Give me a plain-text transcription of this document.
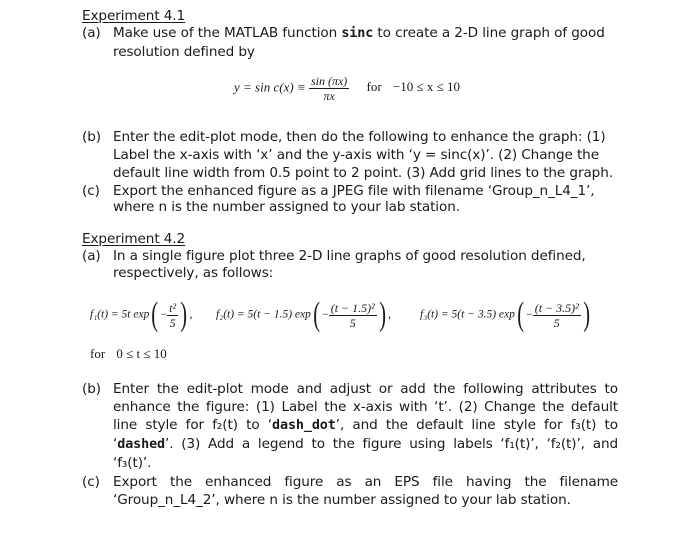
Experiment 4.1
(a) Make use of the MATLAB function sinc to create a 2-D line graph of good
resolution defined by
$y = \sin c(x) \equiv \frac{\sin (\pi x)}{\pi x}$ for −10 ≤ x ≤ 10
(b) Enter the edit-plot mode, then do the following to enhance the graph: (1)
Label the x-axis with ‘x’ and the y-axis with ‘y = sinc(x)’. (2) Change the
default line width from 0.5 point to 2 point. (3) Add grid lines to the graph.
(c) Export the enhanced figure as a JPEG file with filename ‘Group_n_L4_1’,
where n is the number assigned to your lab station.
Experiment 4.2
(a) In a single figure plot three 2-D line graphs of good resolution defined,
respectively, as follows:
f₁(t) = 5t $\exp( - \frac{\text{t²}}{5}$ ) , f₂(t) = 5(t − 1.5) $\exp( - \frac{\text{(t − 1.5)²}}{5}$ ) ,	f₃(t) = 5(t − 3.5) $\exp( - \frac{\text{(t − 3.5)²}}{5}$ )
for 0 ≤ t ≤ 10
(b) Enter the edit-plot mode and adjust or add the following attributes to
enhance the figure: (1) Label the x-axis with ‘t’. (2) Change the default
line style for f₂(t) to ‘dash_dot’, and the default line style for f₃(t) to
‘dashed’. (3) Add a legend to the figure using labels ‘f₁(t)’, ‘f₂(t)’, and
‘f₃(t)’.
(c) Export the enhanced figure as an EPS file having the filename
‘Group_n_L4_2’, where n is the number assigned to your lab station.
